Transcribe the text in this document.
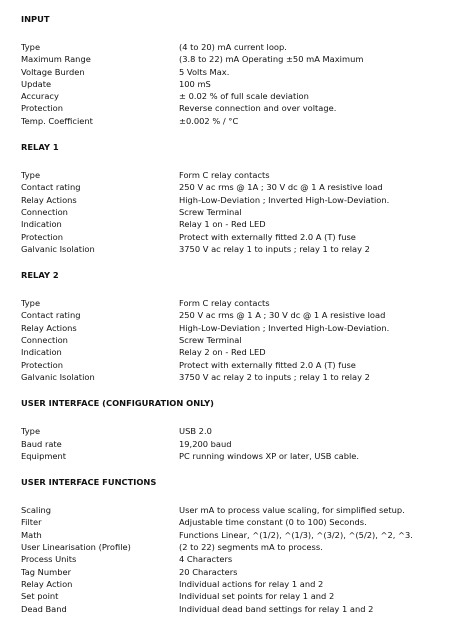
INPUT
Type	(4 to 20) mA current loop.
Maximum Range	(3.8 to 22) mA Operating ±50 mA Maximum
Voltage Burden	5 Volts Max.
Update	100 mS
Accuracy	± 0.02 % of full scale deviation
Protection	Reverse connection and over voltage.
Temp. Coefficient	±0.002 % / °C
RELAY 1
Type	Form C relay contacts
Contact rating	250 V ac rms @ 1A ; 30 V dc @ 1 A resistive load
Relay Actions	High-Low-Deviation ; Inverted High-Low-Deviation.
Connection	Screw Terminal
Indication	Relay 1 on - Red LED
Protection	Protect with externally fitted 2.0 A (T) fuse
Galvanic Isolation	3750 V ac relay 1 to inputs ; relay 1 to relay 2
RELAY 2
Type	Form C relay contacts
Contact rating	250 V ac rms @ 1 A ; 30 V dc @ 1 A resistive load
Relay Actions	High-Low-Deviation ; Inverted High-Low-Deviation.
Connection	Screw Terminal
Indication	Relay 2 on - Red LED
Protection	Protect with externally fitted 2.0 A (T) fuse
Galvanic Isolation	3750 V ac relay 2 to inputs ; relay 1 to relay 2
USER INTERFACE (CONFIGURATION ONLY)
Type	USB 2.0
Baud rate	19,200 baud
Equipment	PC running windows XP or later, USB cable.
USER INTERFACE FUNCTIONS
Scaling	User mA to process value scaling, for simplified setup.
Filter	Adjustable time constant (0 to 100) Seconds.
Math	Functions Linear, ^(1/2), ^(1/3), ^(3/2), ^(5/2), ^2, ^3.
User Linearisation (Profile)	(2 to 22) segments mA to process.
Process Units	4 Characters
Tag Number	20 Characters
Relay Action	Individual actions for relay 1 and 2
Set point	Individual set points for relay 1 and 2
Dead Band	Individual dead band settings for relay 1 and 2
